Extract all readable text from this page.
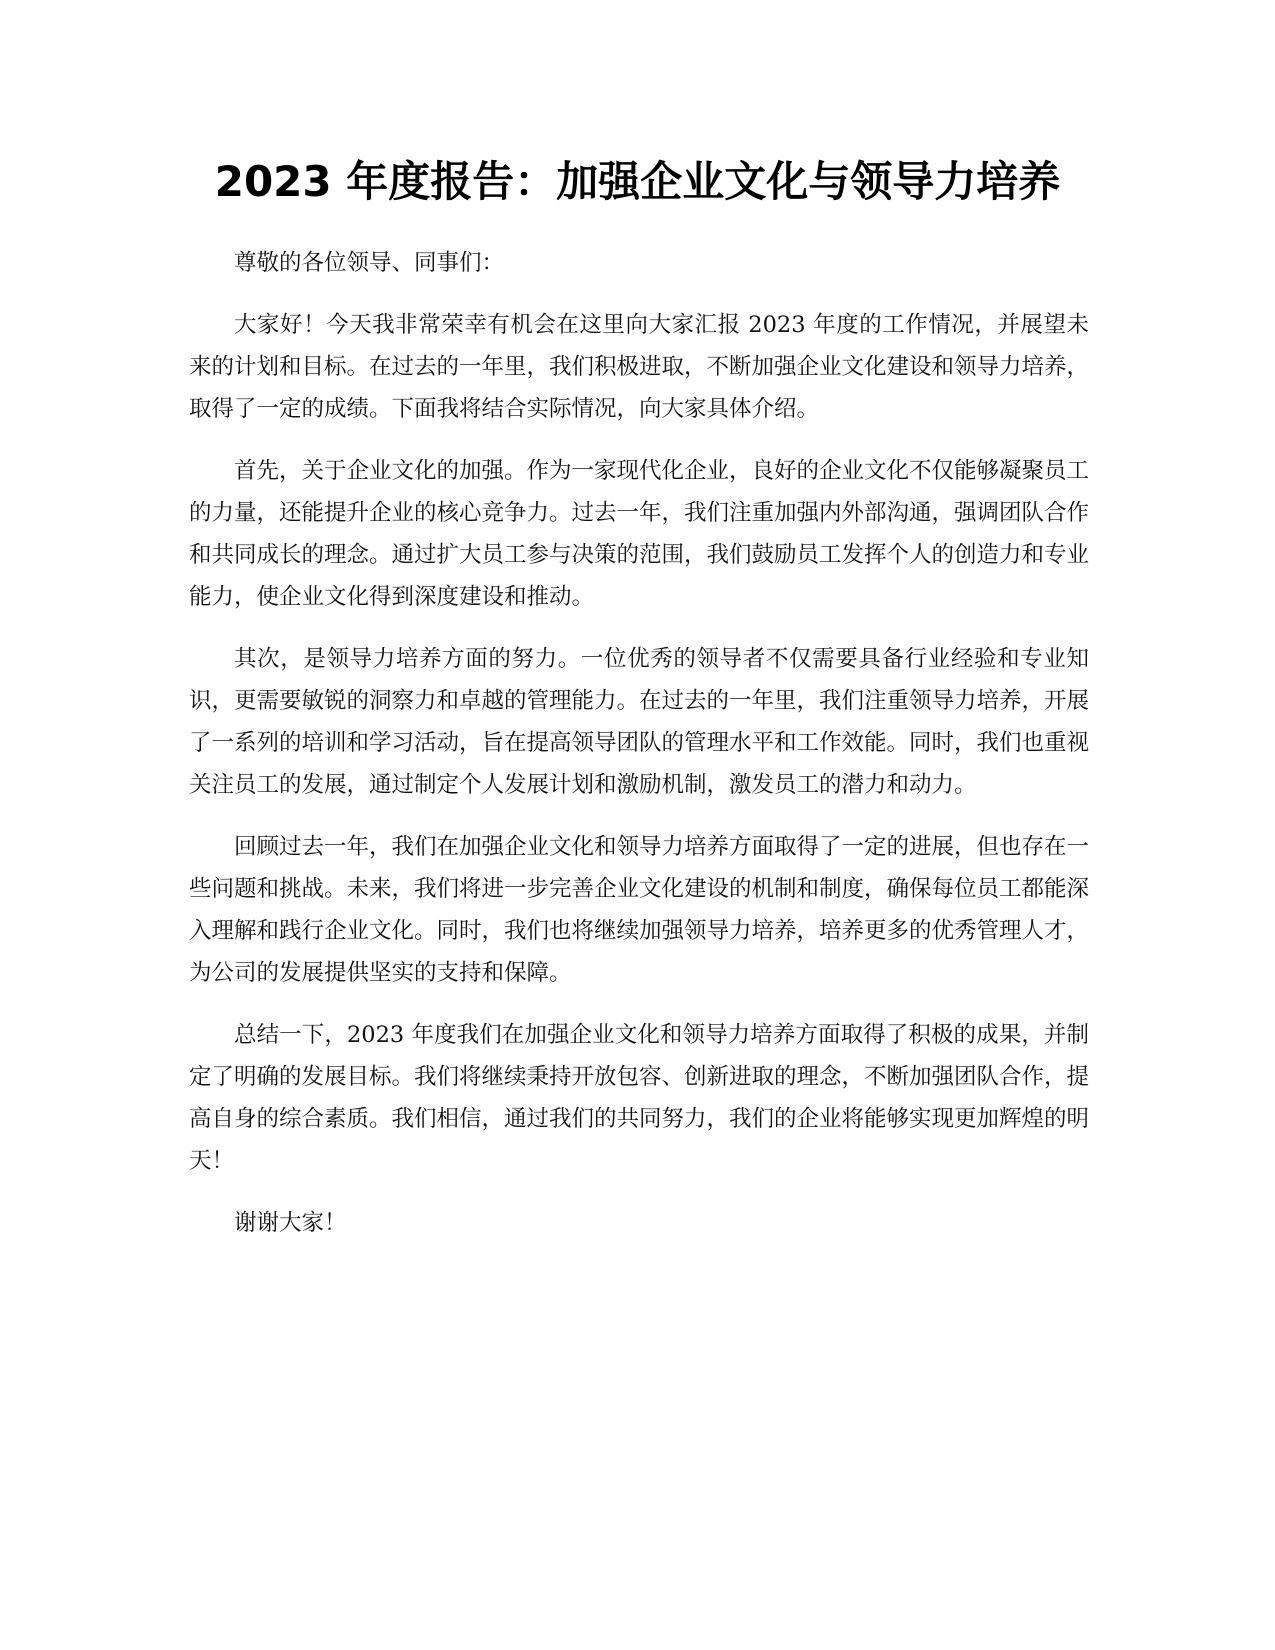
2023 年度报告：加强企业文化与领导力培养

尊敬的各位领导、同事们：

大家好！今天我非常荣幸有机会在这里向大家汇报 2023 年度的工作情况，并展望未来的计划和目标。在过去的一年里，我们积极进取，不断加强企业文化建设和领导力培养，取得了一定的成绩。下面我将结合实际情况，向大家具体介绍。

首先，关于企业文化的加强。作为一家现代化企业，良好的企业文化不仅能够凝聚员工的力量，还能提升企业的核心竞争力。过去一年，我们注重加强内外部沟通，强调团队合作和共同成长的理念。通过扩大员工参与决策的范围，我们鼓励员工发挥个人的创造力和专业能力，使企业文化得到深度建设和推动。

其次，是领导力培养方面的努力。一位优秀的领导者不仅需要具备行业经验和专业知识，更需要敏锐的洞察力和卓越的管理能力。在过去的一年里，我们注重领导力培养，开展了一系列的培训和学习活动，旨在提高领导团队的管理水平和工作效能。同时，我们也重视关注员工的发展，通过制定个人发展计划和激励机制，激发员工的潜力和动力。

回顾过去一年，我们在加强企业文化和领导力培养方面取得了一定的进展，但也存在一些问题和挑战。未来，我们将进一步完善企业文化建设的机制和制度，确保每位员工都能深入理解和践行企业文化。同时，我们也将继续加强领导力培养，培养更多的优秀管理人才，为公司的发展提供坚实的支持和保障。

总结一下，2023 年度我们在加强企业文化和领导力培养方面取得了积极的成果，并制定了明确的发展目标。我们将继续秉持开放包容、创新进取的理念，不断加强团队合作，提高自身的综合素质。我们相信，通过我们的共同努力，我们的企业将能够实现更加辉煌的明天！

谢谢大家！
